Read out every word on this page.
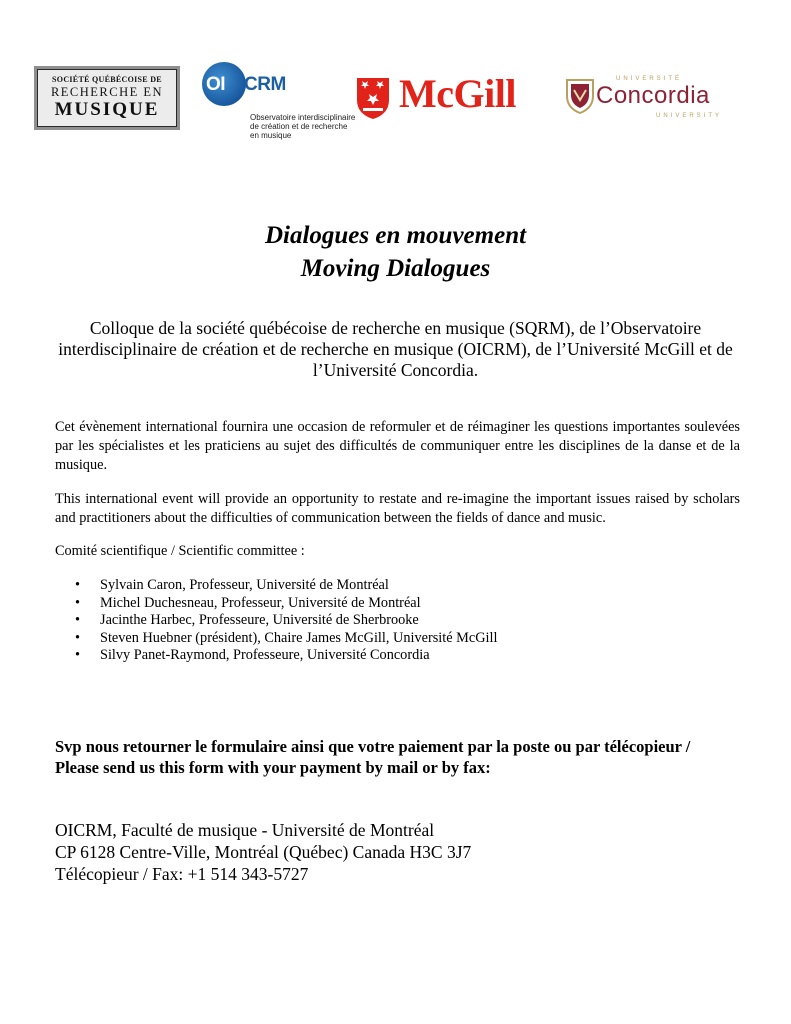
SOCIÉTÉ QUÉBÉCOISE DE
RECHERCHE EN
MUSIQUE
OI CRM
Observatoire interdisciplinaire
de création et de recherche
en musique
McGill	UNIVERSITÉ
Concordia
UNIVERSITY
Dialogues en mouvement
Moving Dialogues
Colloque de la société québécoise de recherche en musique (SQRM), de l’Observatoire interdisciplinaire de création et de recherche en musique (OICRM), de l’Université McGill et de l’Université Concordia.
Cet évènement international fournira une occasion de reformuler et de réimaginer les questions importantes soulevées par les spécialistes et les praticiens au sujet des difficultés de communiquer entre les disciplines de la danse et de la musique.
This international event will provide an opportunity to restate and re-imagine the important issues raised by scholars and practitioners about the difficulties of communication between the fields of dance and music.
Comité scientifique / Scientific committee :
• Sylvain Caron, Professeur, Université de Montréal
• Michel Duchesneau, Professeur, Université de Montréal
• Jacinthe Harbec, Professeure, Université de Sherbrooke
• Steven Huebner (président), Chaire James McGill, Université McGill
• Silvy Panet-Raymond, Professeure, Université Concordia
Svp nous retourner le formulaire ainsi que votre paiement par la poste ou par télécopieur /
Please send us this form with your payment by mail or by fax:
OICRM, Faculté de musique - Université de Montréal
CP 6128 Centre-Ville, Montréal (Québec) Canada H3C 3J7
Télécopieur / Fax: +1 514 343-5727
